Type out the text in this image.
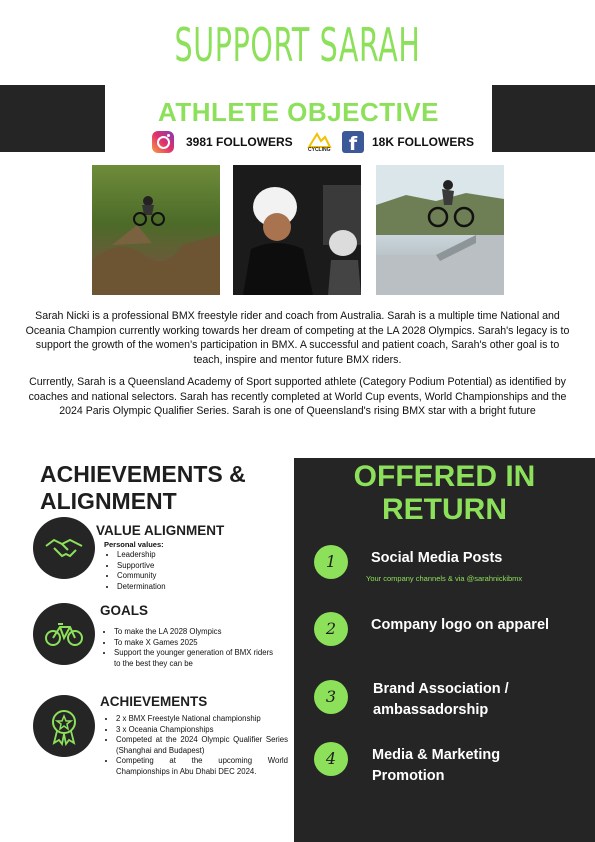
SUPPORT SARAH
ATHLETE OBJECTIVE
3981 FOLLOWERS
CYCLING f	18K FOLLOWERS

Sarah Nicki is a professional BMX freestyle rider and coach from Australia. Sarah is a multiple time National and Oceania Champion currently working towards her dream of competing at the LA 2028 Olympics. Sarah's legacy is to support the growth of the women's participation in BMX. A successful and patient coach, Sarah's other goal is to teach, inspire and mentor future BMX riders.

Currently, Sarah is a Queensland Academy of Sport supported athlete (Category Podium Potential) as identified by coaches and national selectors. Sarah has recently completed at World Cup events, World Championships and the 2024 Paris Olympic Qualifier Series. Sarah is one of Queensland's rising BMX star with a bright future

ACHIEVEMENTS &
ALIGNMENT
VALUE ALIGNMENT
Personal values:
• Leadership
• Supportive
• Community
• Determination
GOALS
• To make the LA 2028 Olympics
• To make X Games 2025
• Support the younger generation of BMX riders to the best they can be
ACHIEVEMENTS
• 2 x BMX Freestyle National championship
• 3 x Oceania Championships
• Competed at the 2024 Olympic Qualifier Series (Shanghai and Budapest)
• Competing at the upcoming World Championships in Abu Dhabi DEC 2024.
OFFERED IN
RETURN
1	Social Media Posts
Your company channels & via @sarahnickibmx
2	Company logo on apparel
3	Brand Association /
ambassadorship
4	Media & Marketing
Promotion
